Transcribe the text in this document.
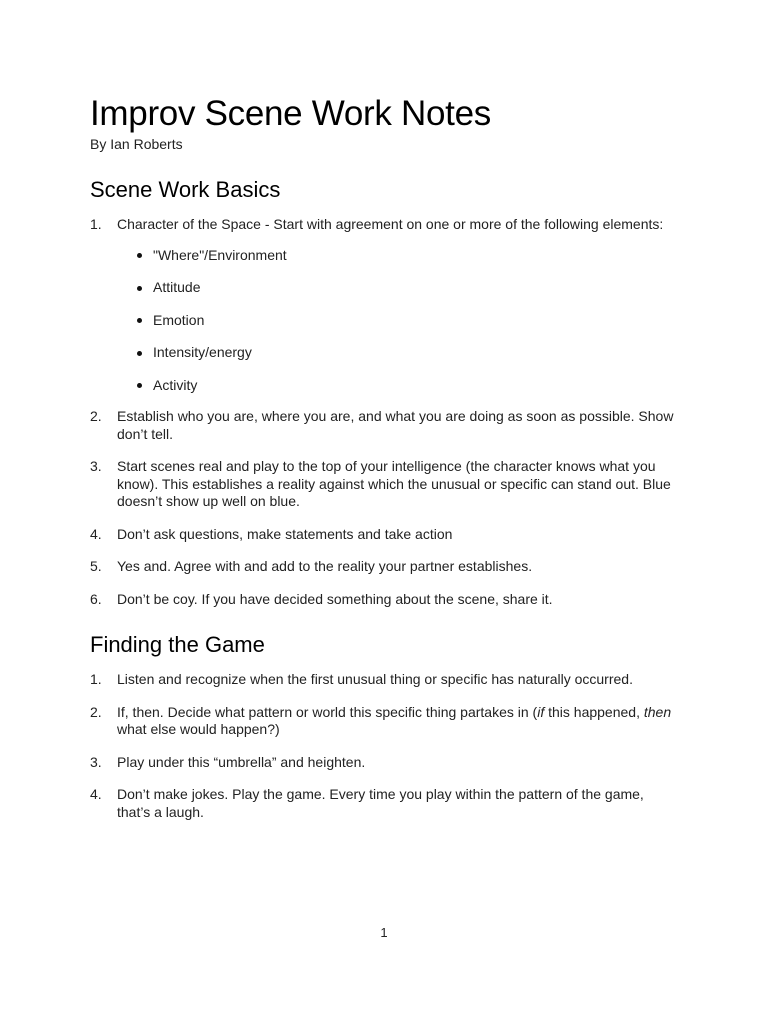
Improv Scene Work Notes

By Ian Roberts

Scene Work Basics
1. Character of the Space - Start with agreement on one or more of the following elements:
"Where"/Environment
Attitude
Emotion
Intensity/energy
Activity
2. Establish who you are, where you are, and what you are doing as soon as possible. Show don’t tell.
3. Start scenes real and play to the top of your intelligence (the character knows what you know). This establishes a reality against which the unusual or specific can stand out. Blue doesn’t show up well on blue.
4. Don’t ask questions, make statements and take action
5. Yes and. Agree with and add to the reality your partner establishes.
6. Don’t be coy. If you have decided something about the scene, share it.
Finding the Game
1. Listen and recognize when the first unusual thing or specific has naturally occurred.
2. If, then. Decide what pattern or world this specific thing partakes in (if this happened, then what else would happen?)
3. Play under this “umbrella” and heighten.
4. Don’t make jokes. Play the game. Every time you play within the pattern of the game, that’s a laugh.
1
